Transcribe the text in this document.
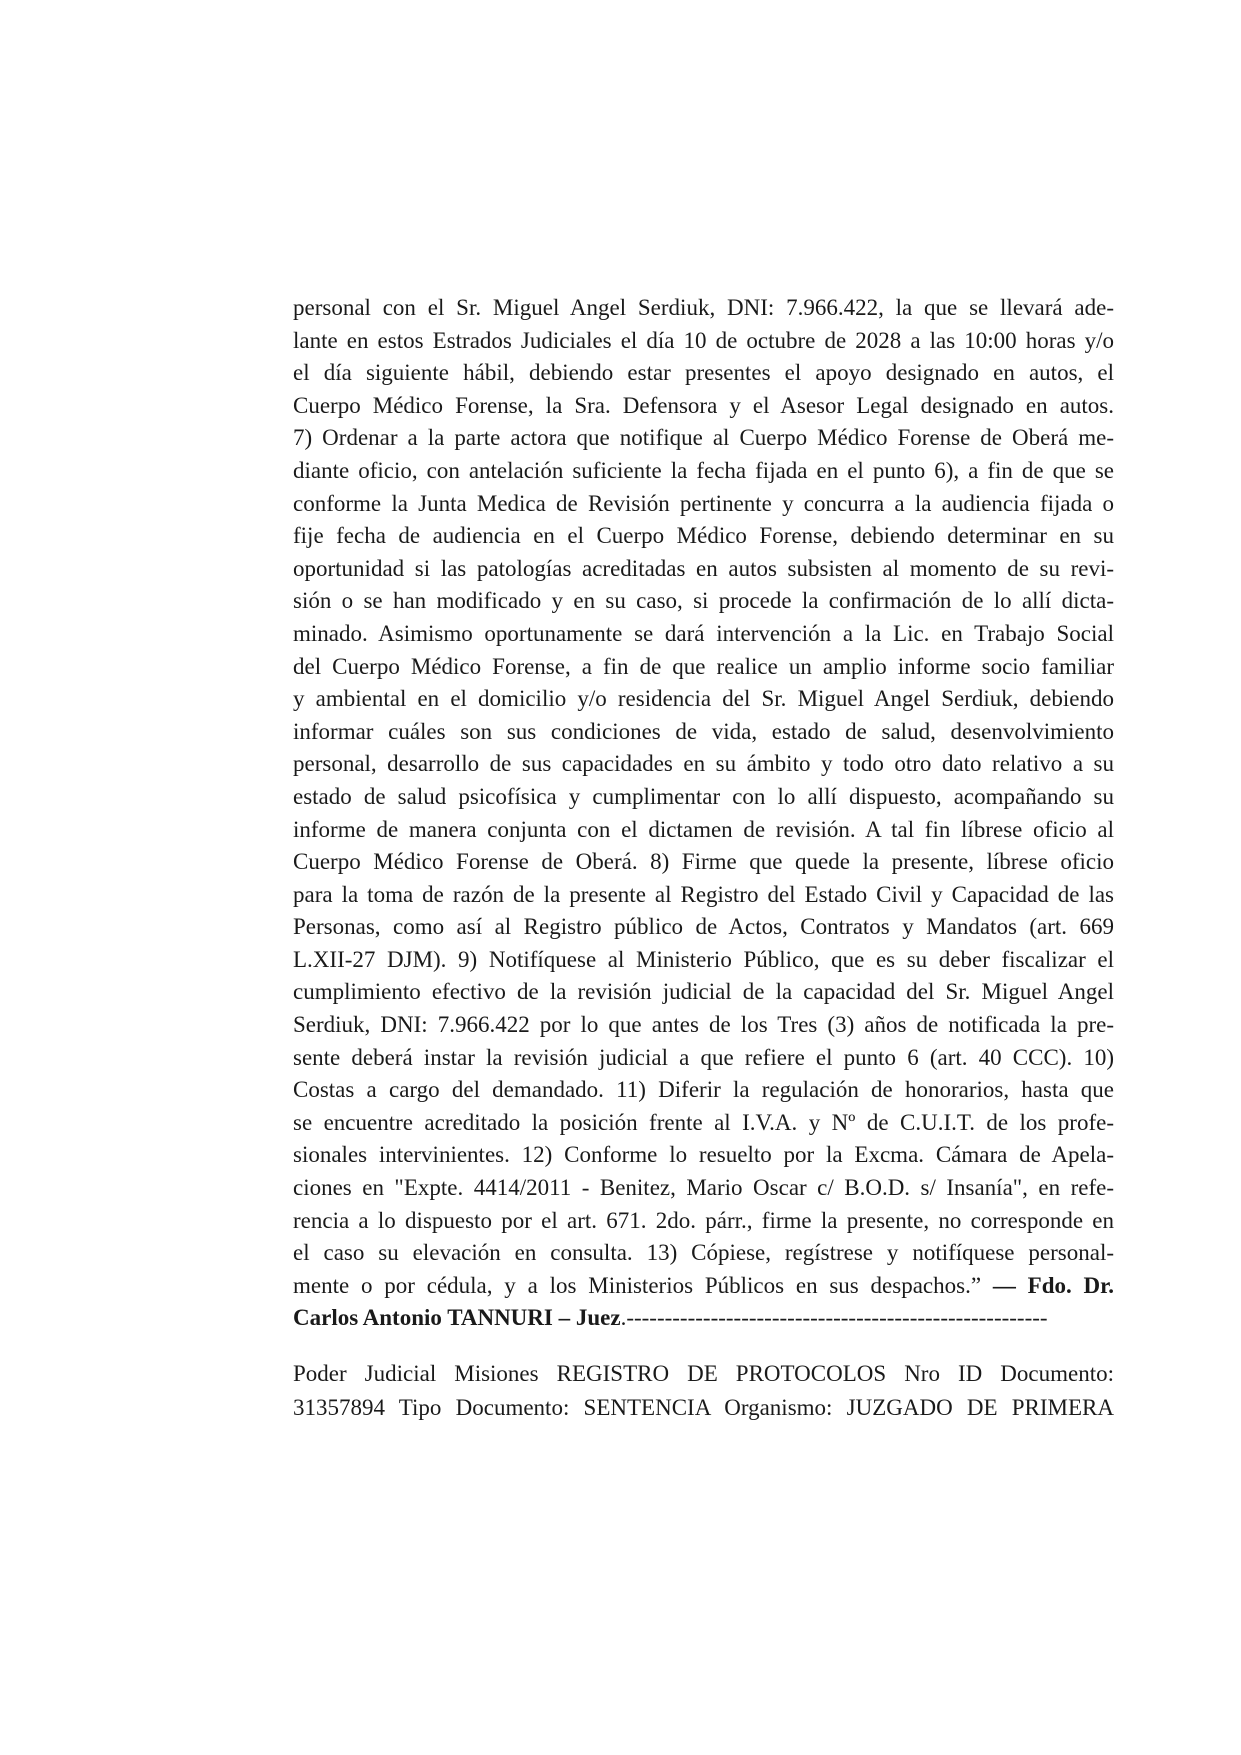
personal con el Sr. Miguel Angel Serdiuk, DNI: 7.966.422, la que se llevará ade-
lante en estos Estrados Judiciales el día 10 de octubre de 2028 a las 10:00 horas y/o
el día siguiente hábil, debiendo estar presentes el apoyo designado en autos, el
Cuerpo Médico Forense, la Sra. Defensora y el Asesor Legal designado en autos.
7) Ordenar a la parte actora que notifique al Cuerpo Médico Forense de Oberá me-
diante oficio, con antelación suficiente la fecha fijada en el punto 6), a fin de que se
conforme la Junta Medica de Revisión pertinente y concurra a la audiencia fijada o
fije fecha de audiencia en el Cuerpo Médico Forense, debiendo determinar en su
oportunidad si las patologías acreditadas en autos subsisten al momento de su revi-
sión o se han modificado y en su caso, si procede la confirmación de lo allí dicta-
minado. Asimismo oportunamente se dará intervención a la Lic. en Trabajo Social
del Cuerpo Médico Forense, a fin de que realice un amplio informe socio familiar
y ambiental en el domicilio y/o residencia del Sr. Miguel Angel Serdiuk, debiendo
informar cuáles son sus condiciones de vida, estado de salud, desenvolvimiento
personal, desarrollo de sus capacidades en su ámbito y todo otro dato relativo a su
estado de salud psicofísica y cumplimentar con lo allí dispuesto, acompañando su
informe de manera conjunta con el dictamen de revisión. A tal fin líbrese oficio al
Cuerpo Médico Forense de Oberá. 8) Firme que quede la presente, líbrese oficio
para la toma de razón de la presente al Registro del Estado Civil y Capacidad de las
Personas, como así al Registro público de Actos, Contratos y Mandatos (art. 669
L.XII-27 DJM). 9) Notifíquese al Ministerio Público, que es su deber fiscalizar el
cumplimiento efectivo de la revisión judicial de la capacidad del Sr. Miguel Angel
Serdiuk, DNI: 7.966.422 por lo que antes de los Tres (3) años de notificada la pre-
sente deberá instar la revisión judicial a que refiere el punto 6 (art. 40 CCC). 10)
Costas a cargo del demandado. 11) Diferir la regulación de honorarios, hasta que
se encuentre acreditado la posición frente al I.V.A. y Nº de C.U.I.T. de los profe-
sionales intervinientes. 12) Conforme lo resuelto por la Excma. Cámara de Apela-
ciones en "Expte. 4414/2011 - Benitez, Mario Oscar c/ B.O.D. s/ Insanía", en refe-
rencia a lo dispuesto por el art. 671. 2do. párr., firme la presente, no corresponde en
el caso su elevación en consulta. 13) Cópiese, regístrese y notifíquese personal-
mente o por cédula, y a los Ministerios Públicos en sus despachos.” — Fdo. Dr.
Carlos Antonio TANNURI – Juez.-------------------------------------------------------
Poder Judicial Misiones REGISTRO DE PROTOCOLOS Nro ID Documento:
31357894 Tipo Documento: SENTENCIA Organismo: JUZGADO DE PRIMERA
